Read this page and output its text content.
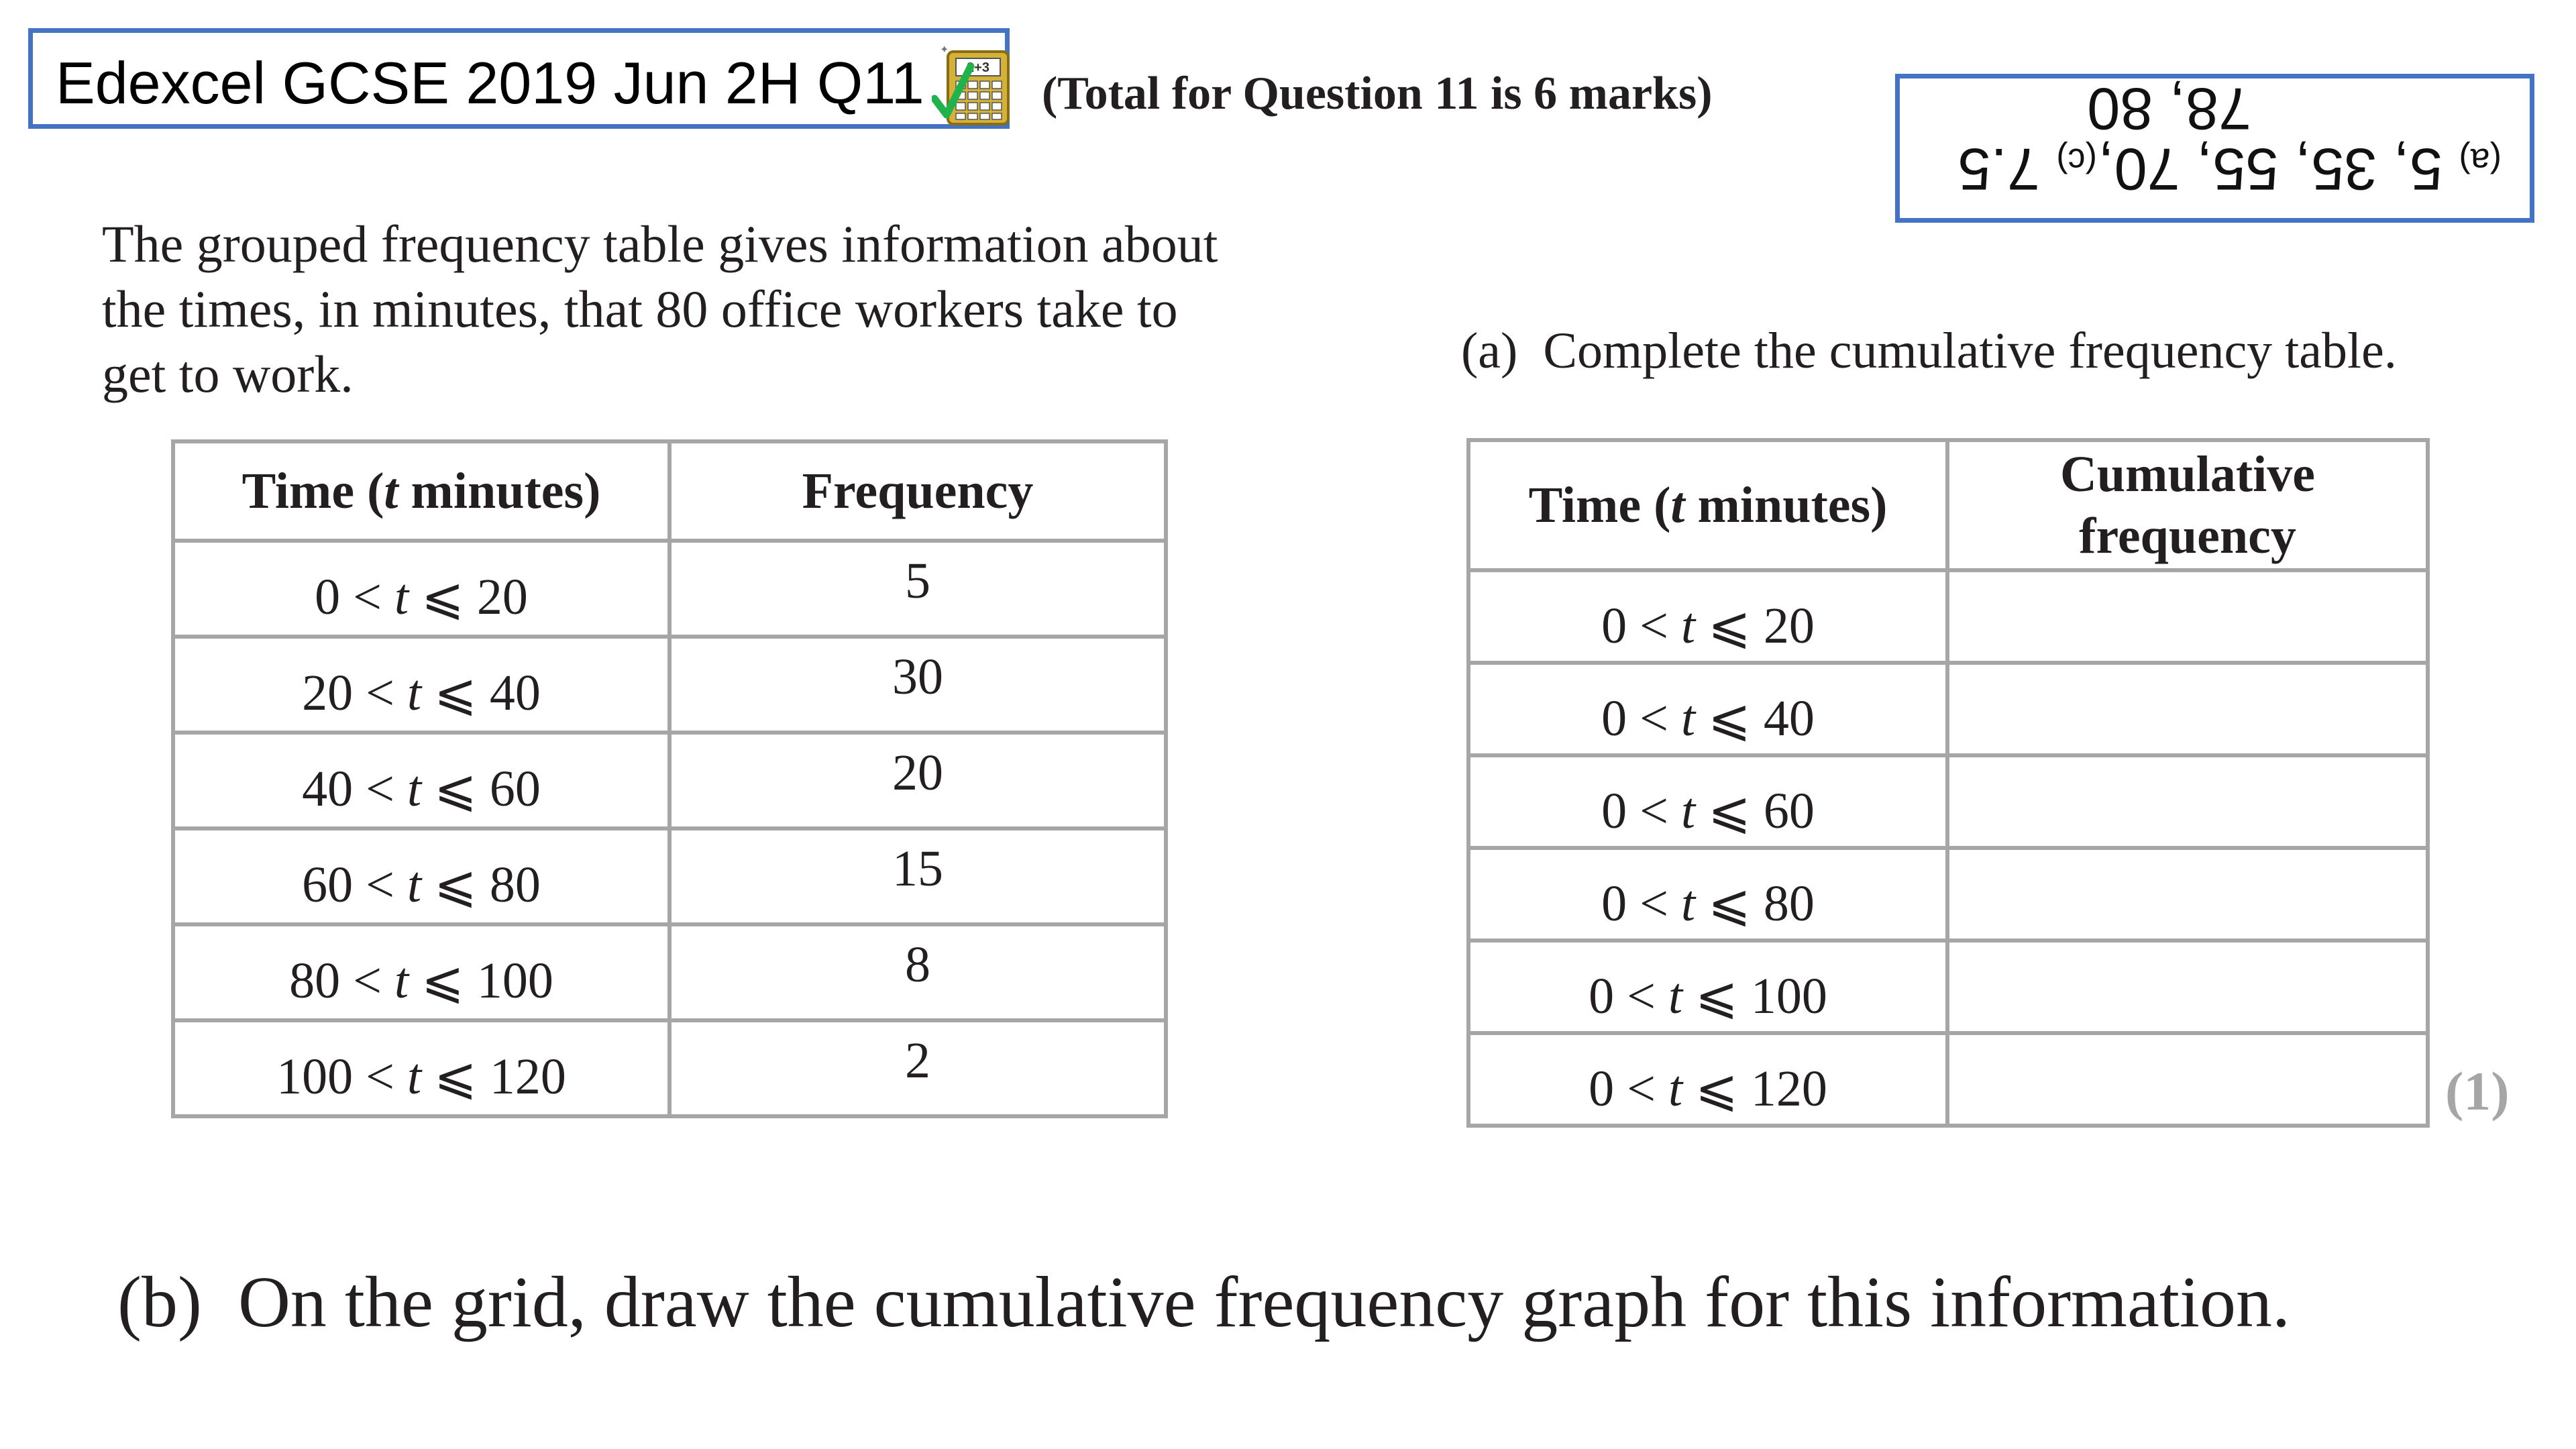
Edexcel GCSE 2019 Jun 2H Q11	2+3
✦
(Total for Question 11 is 6 marks)
(a) 5, 35, 55, 70,
78, 80
(c) 7.5
The grouped frequency table gives information about
the times, in minutes, that 80 office workers take to
get to work.
Time (t minutes)	Frequency
0 < t ⩽ 20	5
20 < t ⩽ 40	30
40 < t ⩽ 60	20
60 < t ⩽ 80	15
80 < t ⩽ 100	8
100 < t ⩽ 120	2
(a) Complete the cumulative frequency table.
Time (t minutes)	Cumulative
frequency

0 < t ⩽ 20	
0 < t ⩽ 40	
0 < t ⩽ 60	
0 < t ⩽ 80	
0 < t ⩽ 100	
0 < t ⩽ 120		(1)
(b) On the grid, draw the cumulative frequency graph for this information.
